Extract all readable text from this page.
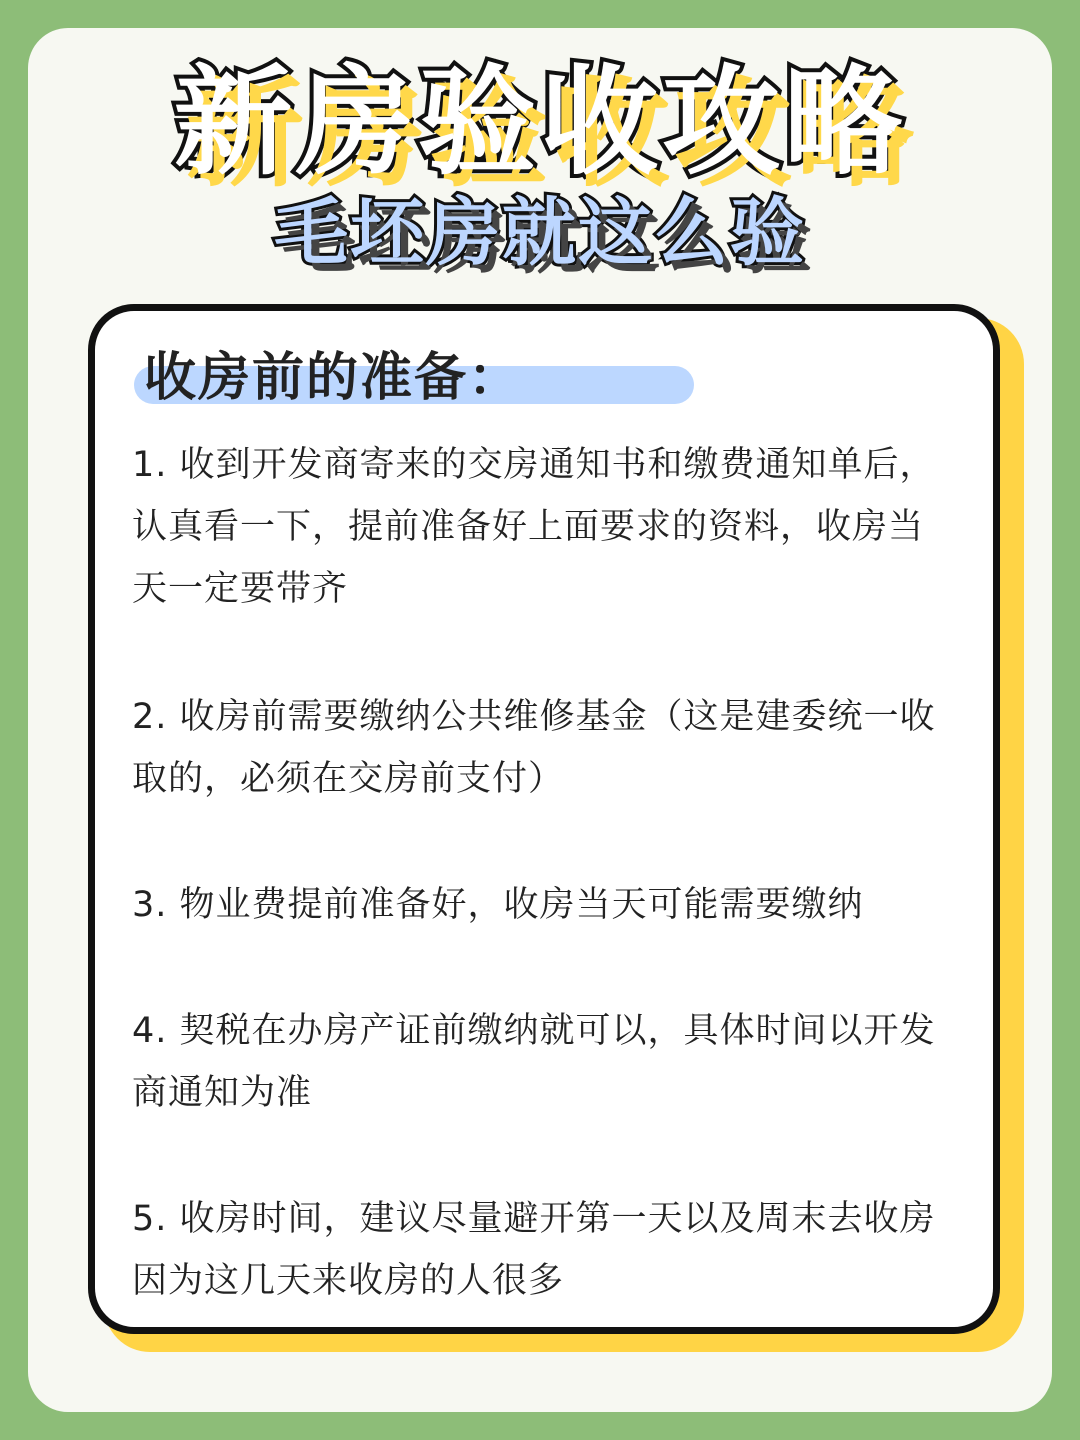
新房验收攻略
毛坯房就这么验
收房前的准备：

1. 收到开发商寄来的交房通知书和缴费通知单后，认真看一下，提前准备好上面要求的资料，收房当天一定要带齐

2. 收房前需要缴纳公共维修基金（这是建委统一收取的，必须在交房前支付）

3. 物业费提前准备好，收房当天可能需要缴纳

4. 契税在办房产证前缴纳就可以，具体时间以开发商通知为准

5. 收房时间，建议尽量避开第一天以及周末去收房因为这几天来收房的人很多
